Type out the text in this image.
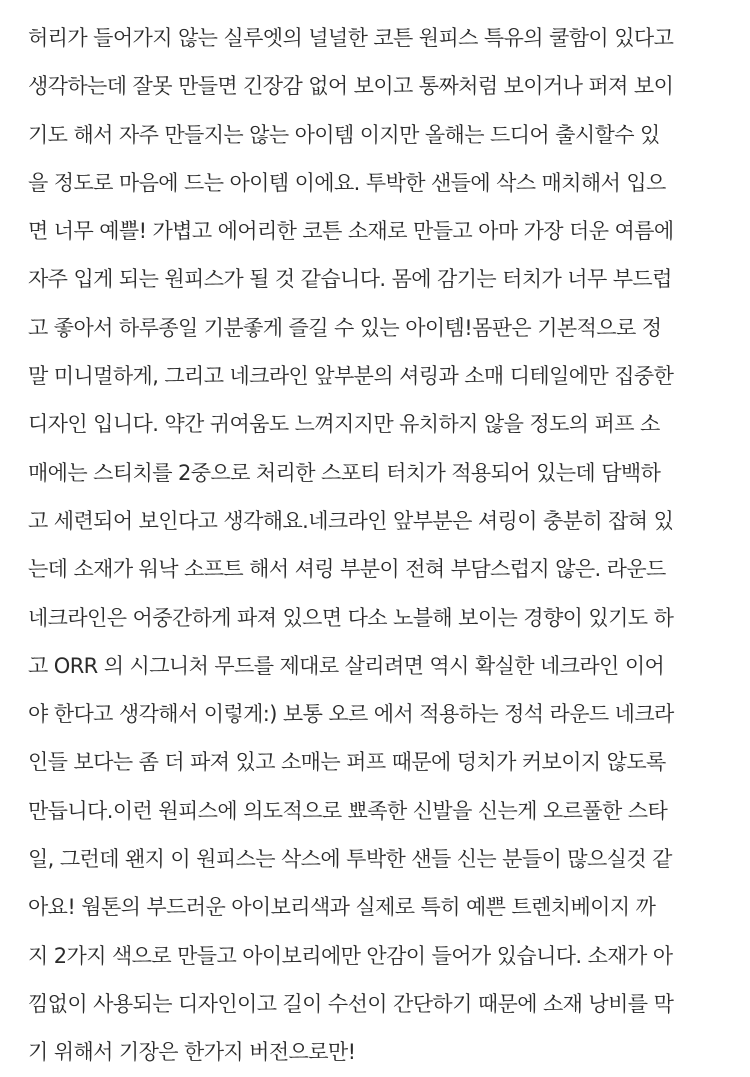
허리가 들어가지 않는 실루엣의 널널한 코튼 원피스 특유의 쿨함이 있다고
생각하는데 잘못 만들면 긴장감 없어 보이고 통짜처럼 보이거나 퍼져 보이
기도 해서 자주 만들지는 않는 아이템 이지만 올해는 드디어 출시할수 있
을 정도로 마음에 드는 아이템 이에요. 투박한 샌들에 삭스 매치해서 입으
면 너무 예쁠! 가볍고 에어리한 코튼 소재로 만들고 아마 가장 더운 여름에
자주 입게 되는 원피스가 될 것 같습니다. 몸에 감기는 터치가 너무 부드럽
고 좋아서 하루종일 기분좋게 즐길 수 있는 아이템!몸판은 기본적으로 정
말 미니멀하게, 그리고 네크라인 앞부분의 셔링과 소매 디테일에만 집중한
디자인 입니다. 약간 귀여움도 느껴지지만 유치하지 않을 정도의 퍼프 소
매에는 스티치를 2중으로 처리한 스포티 터치가 적용되어 있는데 담백하
고 세련되어 보인다고 생각해요.네크라인 앞부분은 셔링이 충분히 잡혀 있
는데 소재가 워낙 소프트 해서 셔링 부분이 전혀 부담스럽지 않은. 라운드
네크라인은 어중간하게 파져 있으면 다소 노블해 보이는 경향이 있기도 하
고 ORR 의 시그니처 무드를 제대로 살리려면 역시 확실한 네크라인 이어
야 한다고 생각해서 이렇게:) 보통 오르 에서 적용하는 정석 라운드 네크라
인들 보다는 좀 더 파져 있고 소매는 퍼프 때문에 덩치가 커보이지 않도록
만듭니다.이런 원피스에 의도적으로 뾰족한 신발을 신는게 오르풀한 스타
일, 그런데 왠지 이 원피스는 삭스에 투박한 샌들 신는 분들이 많으실것 같
아요! 웜톤의 부드러운 아이보리색과 실제로 특히 예쁜 트렌치베이지 까
지 2가지 색으로 만들고 아이보리에만 안감이 들어가 있습니다. 소재가 아
낌없이 사용되는 디자인이고 길이 수선이 간단하기 때문에 소재 낭비를 막
기 위해서 기장은 한가지 버전으로만!
